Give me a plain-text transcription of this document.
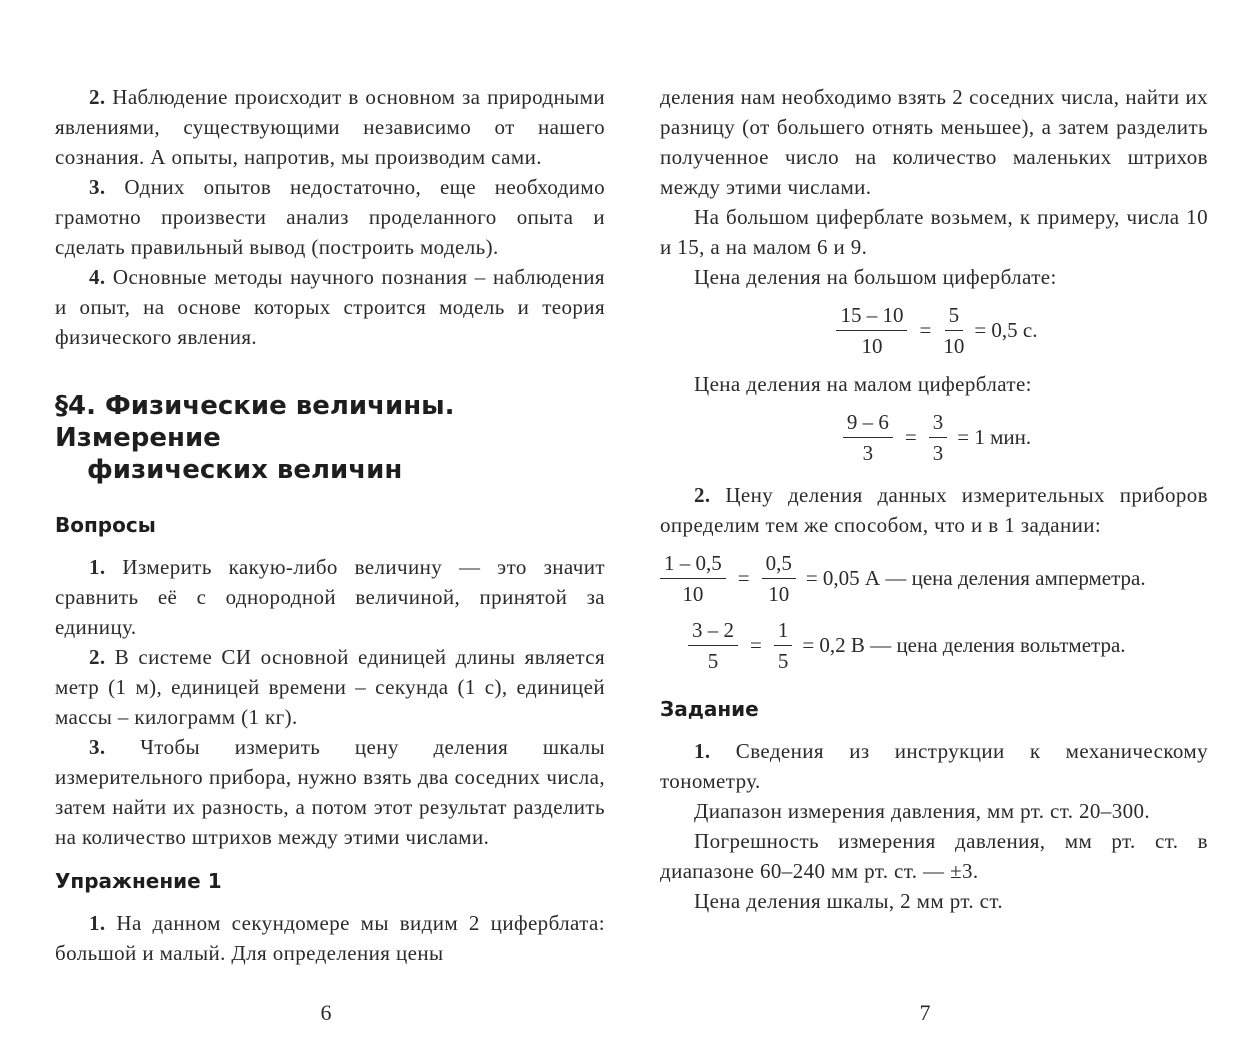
2. Наблюдение происходит в основном за природными явлениями, существующими независимо от нашего сознания. А опыты, напротив, мы производим сами.

3. Одних опытов недостаточно, еще необходимо грамотно произвести анализ проделанного опыта и сделать правильный вывод (построить модель).

4. Основные методы научного познания – наблюдения и опыт, на основе которых строится модель и теория физического явления.

§4. Физические величины. Измерение
физических величин
Вопросы

1. Измерить какую-либо величину — это значит сравнить её с однородной величиной, принятой за единицу.

2. В системе СИ основной единицей длины является метр (1 м), единицей времени – секунда (1 с), единицей массы – килограмм (1 кг).

3. Чтобы измерить цену деления шкалы измерительного прибора, нужно взять два соседних числа, затем найти их разность, а потом этот результат разделить на количество штрихов между этими числами.

Упражнение 1

1. На данном секундомере мы видим 2 циферблата: большой и малый. Для определения цены

6

деления нам необходимо взять 2 соседних числа, найти их разницу (от большего отнять меньшее), а затем разделить полученное число на количество маленьких штрихов между этими числами.

На большом циферблате возьмем, к примеру, числа 10 и 15, а на малом 6 и 9.

Цена деления на большом циферблате:

$\frac{15 - 10}{10} = \frac{5}{10} = 0,5$ с.

Цена деления на малом циферблате:

$\frac{9 - 6}{3} = \frac{3}{3} = 1$ мин.

2. Цену деления данных измерительных приборов определим тем же способом, что и в 1 задании:

$\frac{1 - 0,5}{10} = \frac{0,5}{10} = 0,05$ А — цена деления амперметра.
$\frac{3 - 2}{5} = \frac{1}{5} = 0,2$ В — цена деления вольтметра.
Задание

1. Сведения из инструкции к механическому тонометру.

Диапазон измерения давления, мм рт. ст. 20–300.

Погрешность измерения давления, мм рт. ст. в диапазоне 60–240 мм рт. ст. — ±3.

Цена деления шкалы, 2 мм рт. ст.

7
